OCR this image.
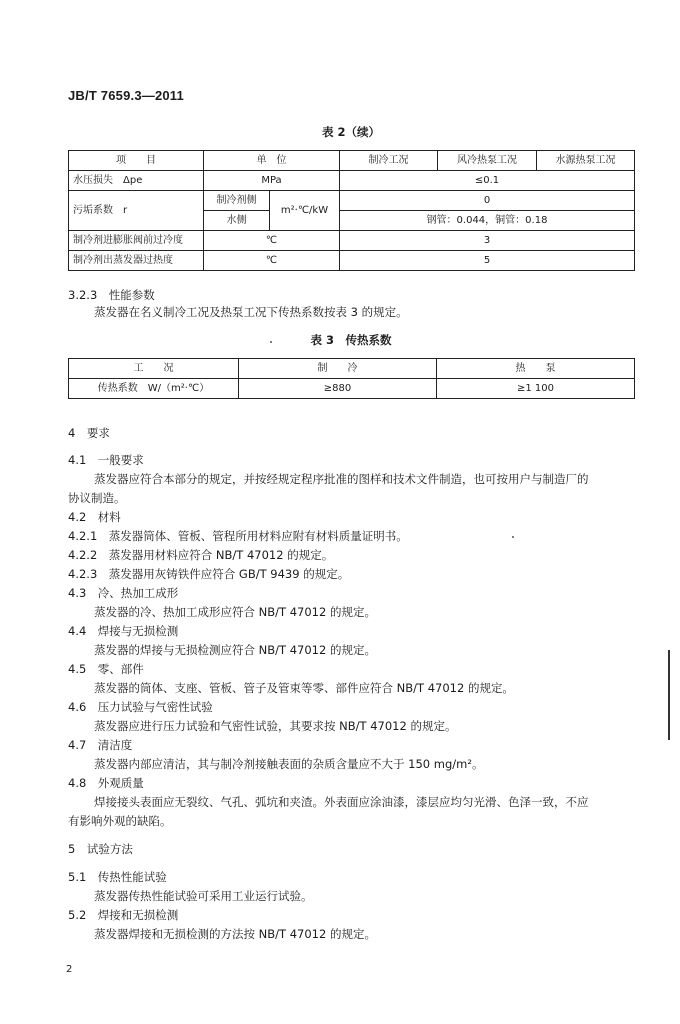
JB/T 7659.3—2011
表 2（续）
项　　目	单　位		制冷工况	风冷热泵工况	水源热泵工况
水压损失　Δpe	MPa		≤0.1		
污垢系数　r	制冷剂侧	m²·℃/kW	0		
	水侧		钢管：0.044，铜管：0.18		
制冷剂进膨胀阀前过冷度	℃		3		
制冷剂出蒸发器过热度	℃		5		
3.2.3　性能参数
蒸发器在名义制冷工况及热泵工况下传热系数按表 3 的规定。
表 3　传热系数
工　　况	制　　冷	热　　泵
传热系数　W/（m²·℃）	≥880	≥1 100
4　要求
4.1　一般要求
蒸发器应符合本部分的规定，并按经规定程序批准的图样和技术文件制造，也可按用户与制造厂的
协议制造。
4.2　材料
4.2.1　蒸发器筒体、管板、管程所用材料应附有材料质量证明书。
4.2.2　蒸发器用材料应符合 NB/T 47012 的规定。
4.2.3　蒸发器用灰铸铁件应符合 GB/T 9439 的规定。
4.3　冷、热加工成形
蒸发器的冷、热加工成形应符合 NB/T 47012 的规定。
4.4　焊接与无损检测
蒸发器的焊接与无损检测应符合 NB/T 47012 的规定。
4.5　零、部件
蒸发器的筒体、支座、管板、管子及管束等零、部件应符合 NB/T 47012 的规定。
4.6　压力试验与气密性试验
蒸发器应进行压力试验和气密性试验，其要求按 NB/T 47012 的规定。
4.7　清洁度
蒸发器内部应清洁，其与制冷剂接触表面的杂质含量应不大于 150 mg/m²。
4.8　外观质量
焊接接头表面应无裂纹、气孔、弧坑和夹渣。外表面应涂油漆，漆层应均匀光滑、色泽一致，不应
有影响外观的缺陷。
5　试验方法
5.1　传热性能试验
蒸发器传热性能试验可采用工业运行试验。
5.2　焊接和无损检测
蒸发器焊接和无损检测的方法按 NB/T 47012 的规定。
2
